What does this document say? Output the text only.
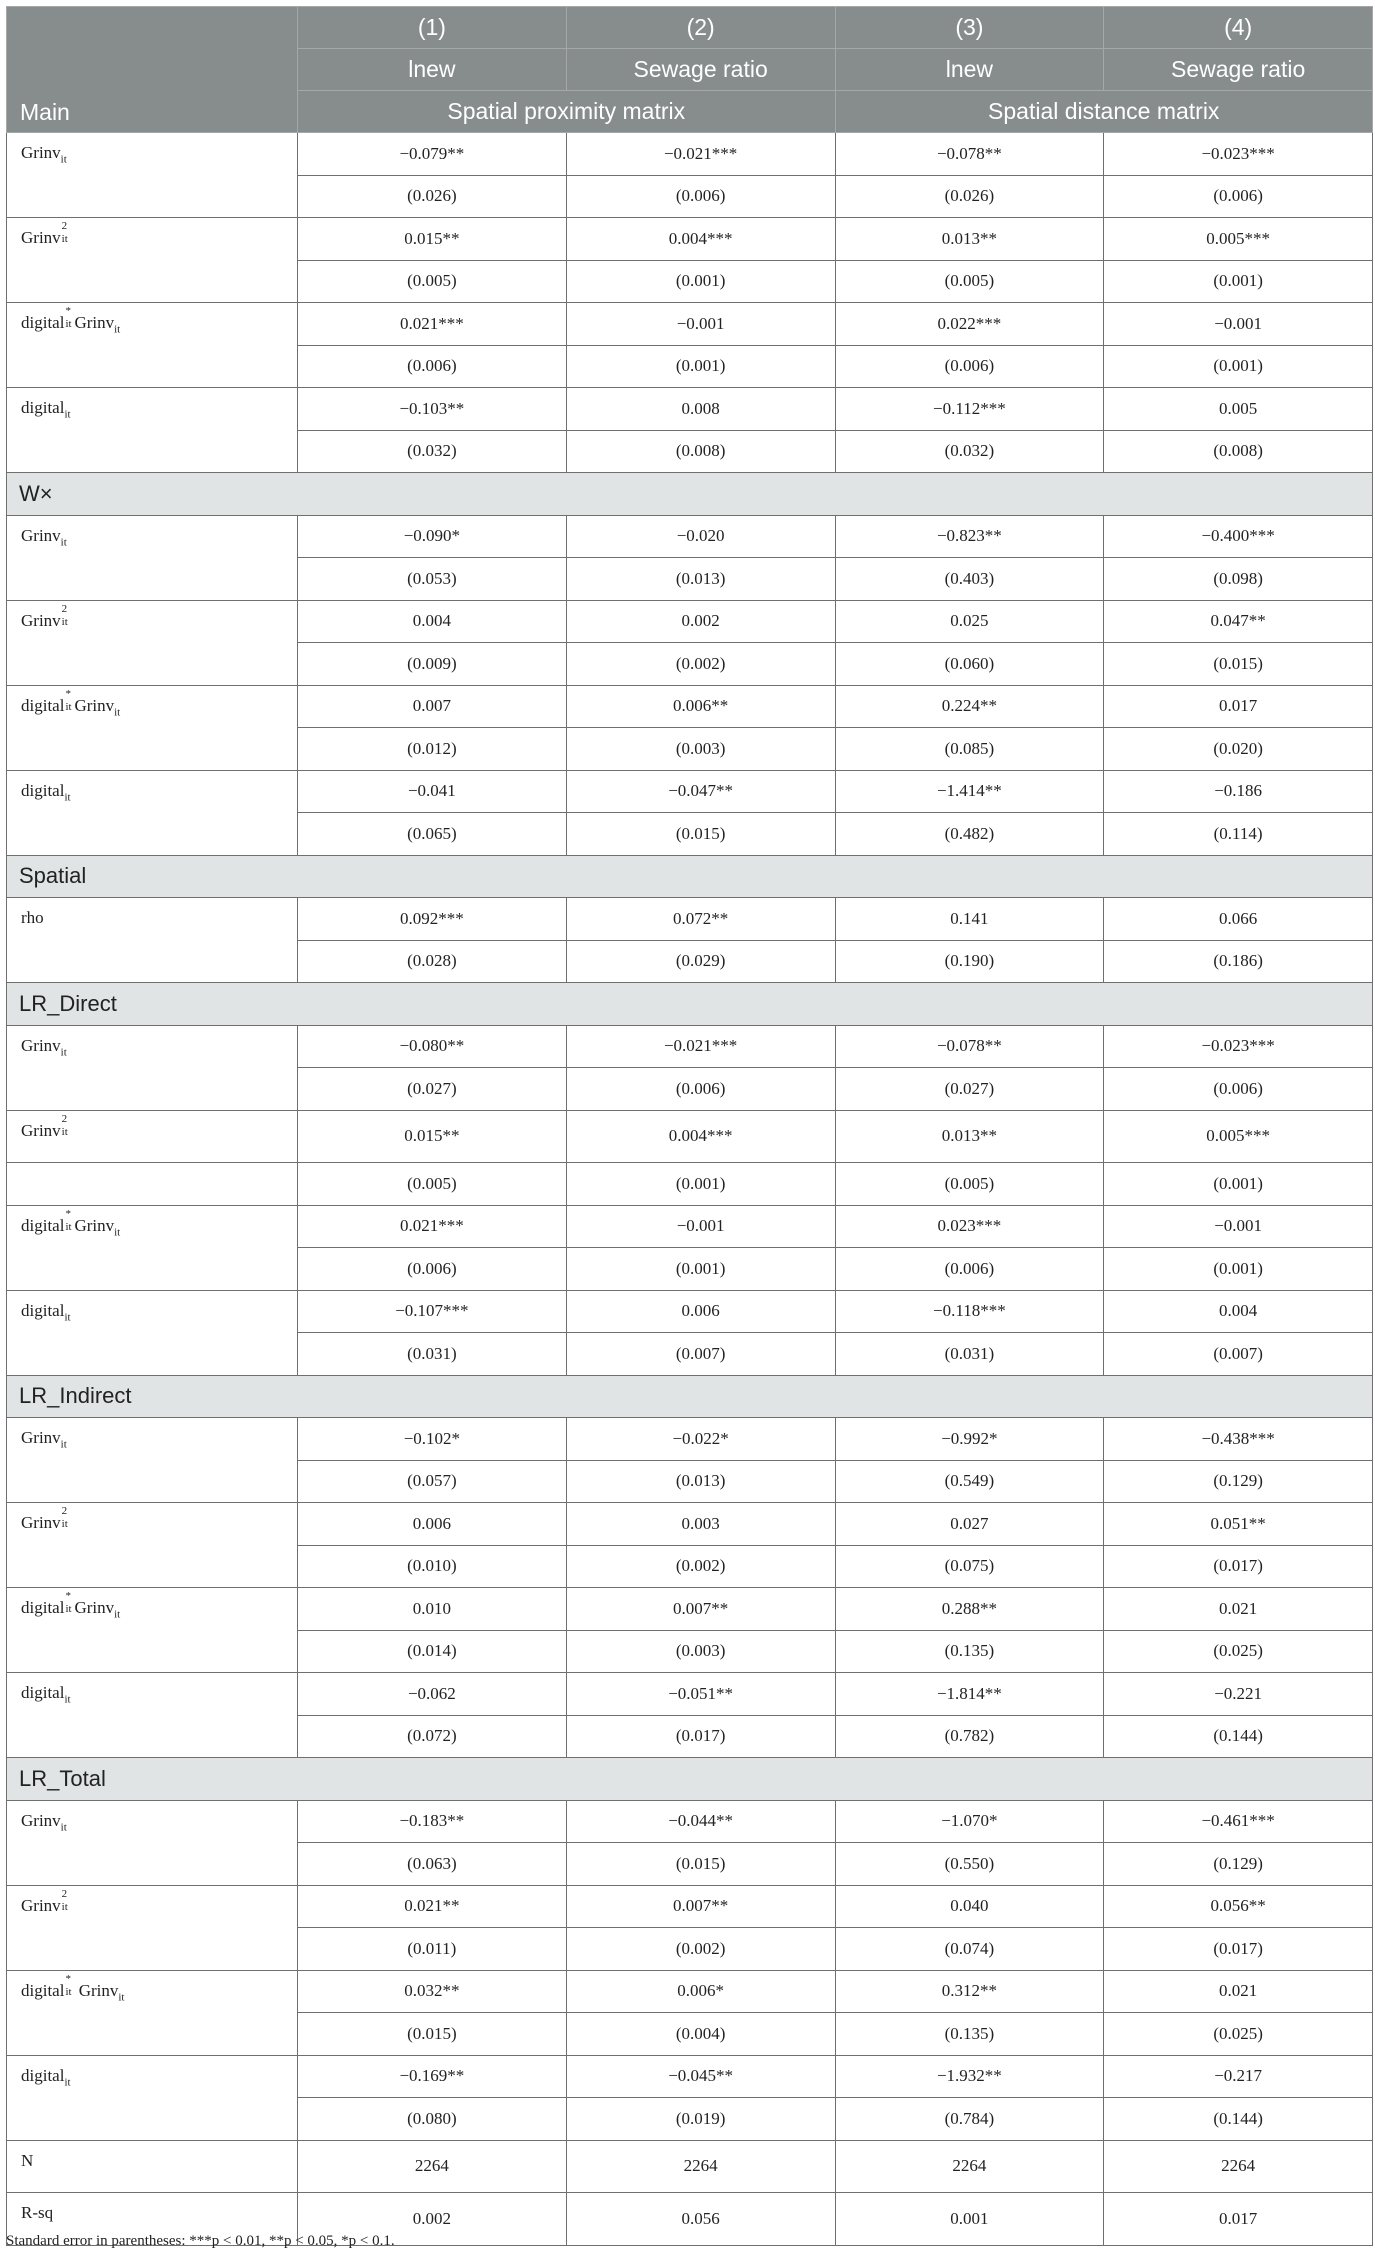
Main	(1)	(2)	(3)	(4)
	lnew	Sewage ratio	lnew	Sewage ratio
	Spatial proximity matrix		Spatial distance matrix	
Grinv$_{it}$	−0.079**	−0.021***	−0.078**	−0.023***
	(0.026)	(0.006)	(0.026)	(0.006)
Grinv
2
it	0.015**	0.004***	0.013**	0.005***
	(0.005)	(0.001)	(0.005)	(0.001)
digital
*
it Grinv$_{it}$	0.021***	−0.001	0.022***	−0.001
	(0.006)	(0.001)	(0.006)	(0.001)
digital$_{it}$	−0.103**	0.008	−0.112***	0.005
	(0.032)	(0.008)	(0.032)	(0.008)
W×				
Grinv$_{it}$	−0.090*	−0.020	−0.823**	−0.400***
	(0.053)	(0.013)	(0.403)	(0.098)
Grinv
2
it	0.004	0.002	0.025	0.047**
	(0.009)	(0.002)	(0.060)	(0.015)
digital
*
it Grinv$_{it}$	0.007	0.006**	0.224**	0.017
	(0.012)	(0.003)	(0.085)	(0.020)
digital$_{it}$	−0.041	−0.047**	−1.414**	−0.186
	(0.065)	(0.015)	(0.482)	(0.114)
Spatial				
rho	0.092***	0.072**	0.141	0.066
	(0.028)	(0.029)	(0.190)	(0.186)
LR_Direct				
Grinv$_{it}$	−0.080**	−0.021***	−0.078**	−0.023***
	(0.027)	(0.006)	(0.027)	(0.006)
Grinv
2
it	0.015**	0.004***	0.013**	0.005***
	(0.005)	(0.001)	(0.005)	(0.001)
digital
*
it Grinv$_{it}$	0.021***	−0.001	0.023***	−0.001
	(0.006)	(0.001)	(0.006)	(0.001)
digital$_{it}$	−0.107***	0.006	−0.118***	0.004
	(0.031)	(0.007)	(0.031)	(0.007)
LR_Indirect				
Grinv$_{it}$	−0.102*	−0.022*	−0.992*	−0.438***
	(0.057)	(0.013)	(0.549)	(0.129)
Grinv
2
it	0.006	0.003	0.027	0.051**
	(0.010)	(0.002)	(0.075)	(0.017)
digital
*
it Grinv$_{it}$	0.010	0.007**	0.288**	0.021
	(0.014)	(0.003)	(0.135)	(0.025)
digital$_{it}$	−0.062	−0.051**	−1.814**	−0.221
	(0.072)	(0.017)	(0.782)	(0.144)
LR_Total				
Grinv$_{it}$	−0.183**	−0.044**	−1.070*	−0.461***
	(0.063)	(0.015)	(0.550)	(0.129)
Grinv
2
it	0.021**	0.007**	0.040	0.056**
	(0.011)	(0.002)	(0.074)	(0.017)
digital
*
it Grinv$_{it}$	0.032**	0.006*	0.312**	0.021
	(0.015)	(0.004)	(0.135)	(0.025)
digital$_{it}$	−0.169**	−0.045**	−1.932**	−0.217
	(0.080)	(0.019)	(0.784)	(0.144)
N	2264	2264	2264	2264
R-sq	0.002	0.056	0.001	0.017
Standard error in parentheses: ***p < 0.01, **p < 0.05, *p < 0.1.
